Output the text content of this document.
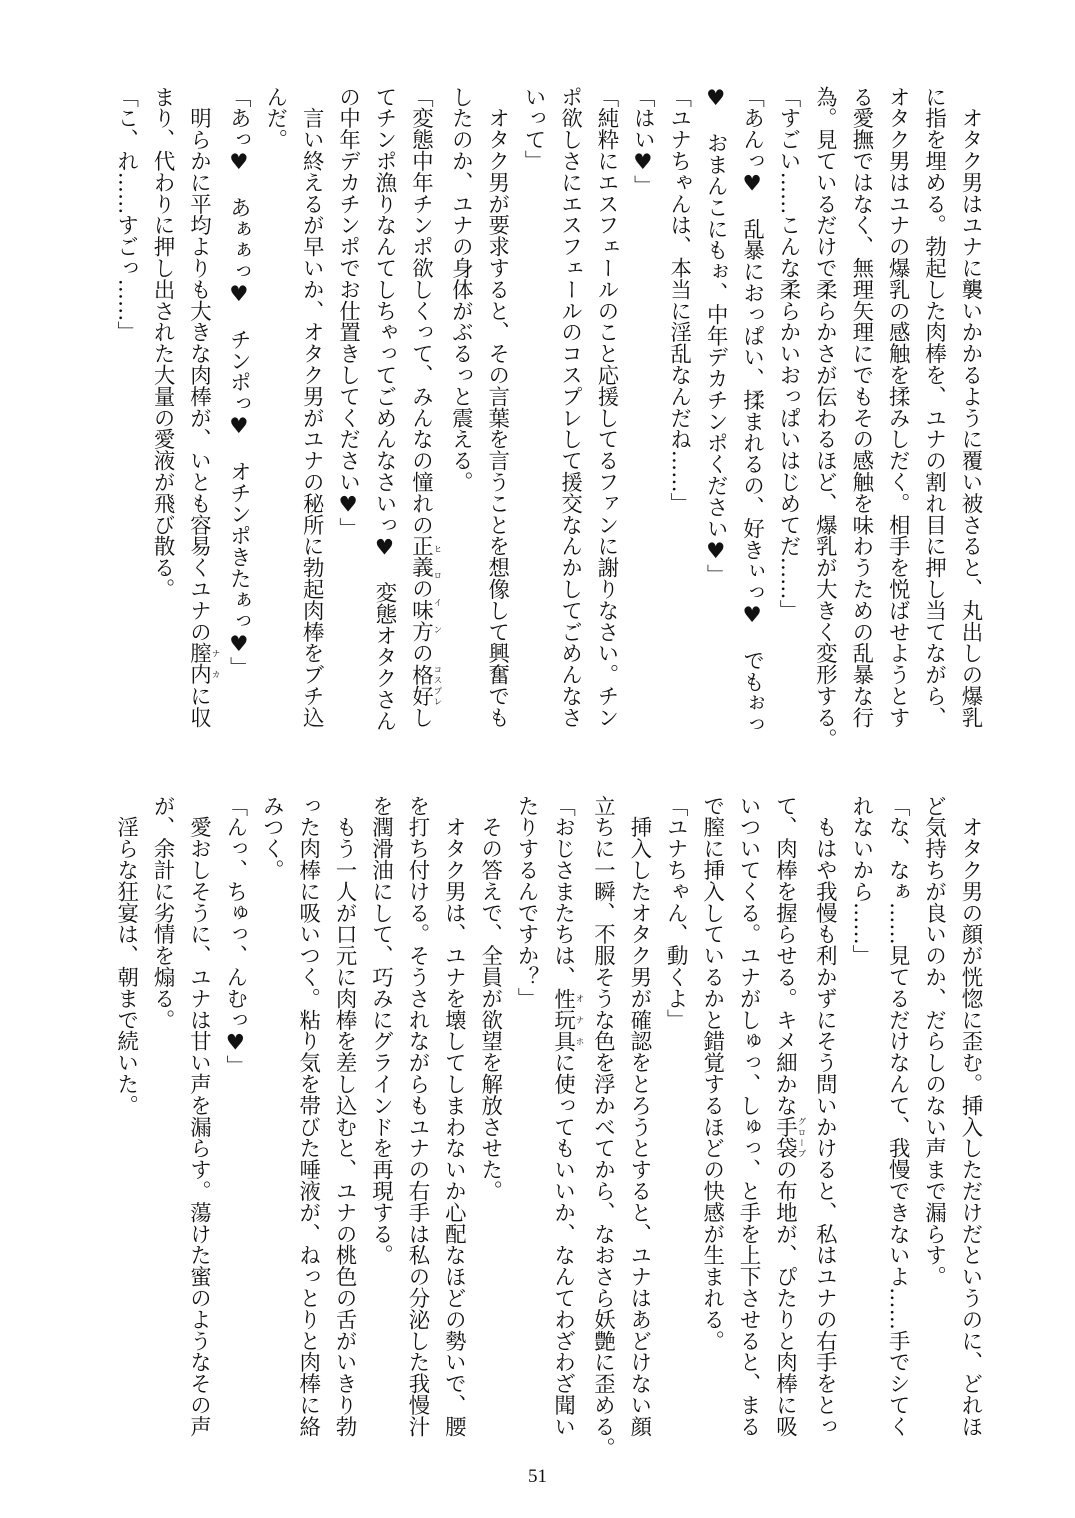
　オタク男はユナに襲いかかるように覆い被さると、丸出しの爆乳
に指を埋める。勃起した肉棒を、ユナの割れ目に押し当てながら、
オタク男はユナの爆乳の感触を揉みしだく。相手を悦ばせようとす
る愛撫ではなく、無理矢理にでもその感触を味わうための乱暴な行
為。見ているだけで柔らかさが伝わるほど、爆乳が大きく変形する。
「すごい……こんな柔らかいおっぱいはじめてだ……」
「あんっ♥　乱暴におっぱい、揉まれるの、好きぃっ♥　でもぉっ
♥　おまんこにもぉ、中年デカチンポください♥」
「ユナちゃんは、本当に淫乱なんだね……」
「はい♥」
「純粋にエスフェールのこと応援してるファンに謝りなさい。チン
ポ欲しさにエスフェールのコスプレして援交なんかしてごめんなさ
いって」
　オタク男が要求すると、その言葉を言うことを想像して興奮でも
したのか、ユナの身体がぶるっと震える。
「変態中年チンポ欲しくって、みんなの憧れの正義の味方ヒロインの格好コスプレし
てチンポ漁りなんてしちゃってごめんなさいっ♥　変態オタクさん
の中年デカチンポでお仕置きしてください♥」
　言い終えるが早いか、オタク男がユナの秘所に勃起肉棒をブチ込
んだ。
「あっ♥　あぁぁっ♥　チンポっ♥　オチンポきたぁっ♥」
　明らかに平均よりも大きな肉棒が、いとも容易くユナの膣内ナカに収
まり、代わりに押し出された大量の愛液が飛び散る。
「こ、れ……すごっ……」
　オタク男の顔が恍惚に歪む。挿入しただけだというのに、どれほ
ど気持ちが良いのか、だらしのない声まで漏らす。
「な、なぁ……見てるだけなんて、我慢できないよ……手でシてく
れないから……」
　もはや我慢も利かずにそう問いかけると、私はユナの右手をとっ
て、肉棒を握らせる。キメ細かな手袋グローブの布地が、ぴたりと肉棒に吸
いついてくる。ユナがしゅっ、しゅっ、と手を上下させると、まる
で膣に挿入しているかと錯覚するほどの快感が生まれる。
「ユナちゃん、動くよ」
　挿入したオタク男が確認をとろうとすると、ユナはあどけない顔
立ちに一瞬、不服そうな色を浮かべてから、なおさら妖艶に歪める。
「おじさまたちは、性玩具オナホに使ってもいいか、なんてわざわざ聞い
たりするんですか？」
　その答えで、全員が欲望を解放させた。
　オタク男は、ユナを壊してしまわないか心配なほどの勢いで、腰
を打ち付ける。そうされながらもユナの右手は私の分泌した我慢汁
を潤滑油にして、巧みにグラインドを再現する。
　もう一人が口元に肉棒を差し込むと、ユナの桃色の舌がいきり勃
った肉棒に吸いつく。粘り気を帯びた唾液が、ねっとりと肉棒に絡
みつく。
「んっ、ちゅっ、んむっ♥」
　愛おしそうに、ユナは甘い声を漏らす。蕩けた蜜のようなその声
が、余計に劣情を煽る。
　淫らな狂宴は、朝まで続いた。
51
